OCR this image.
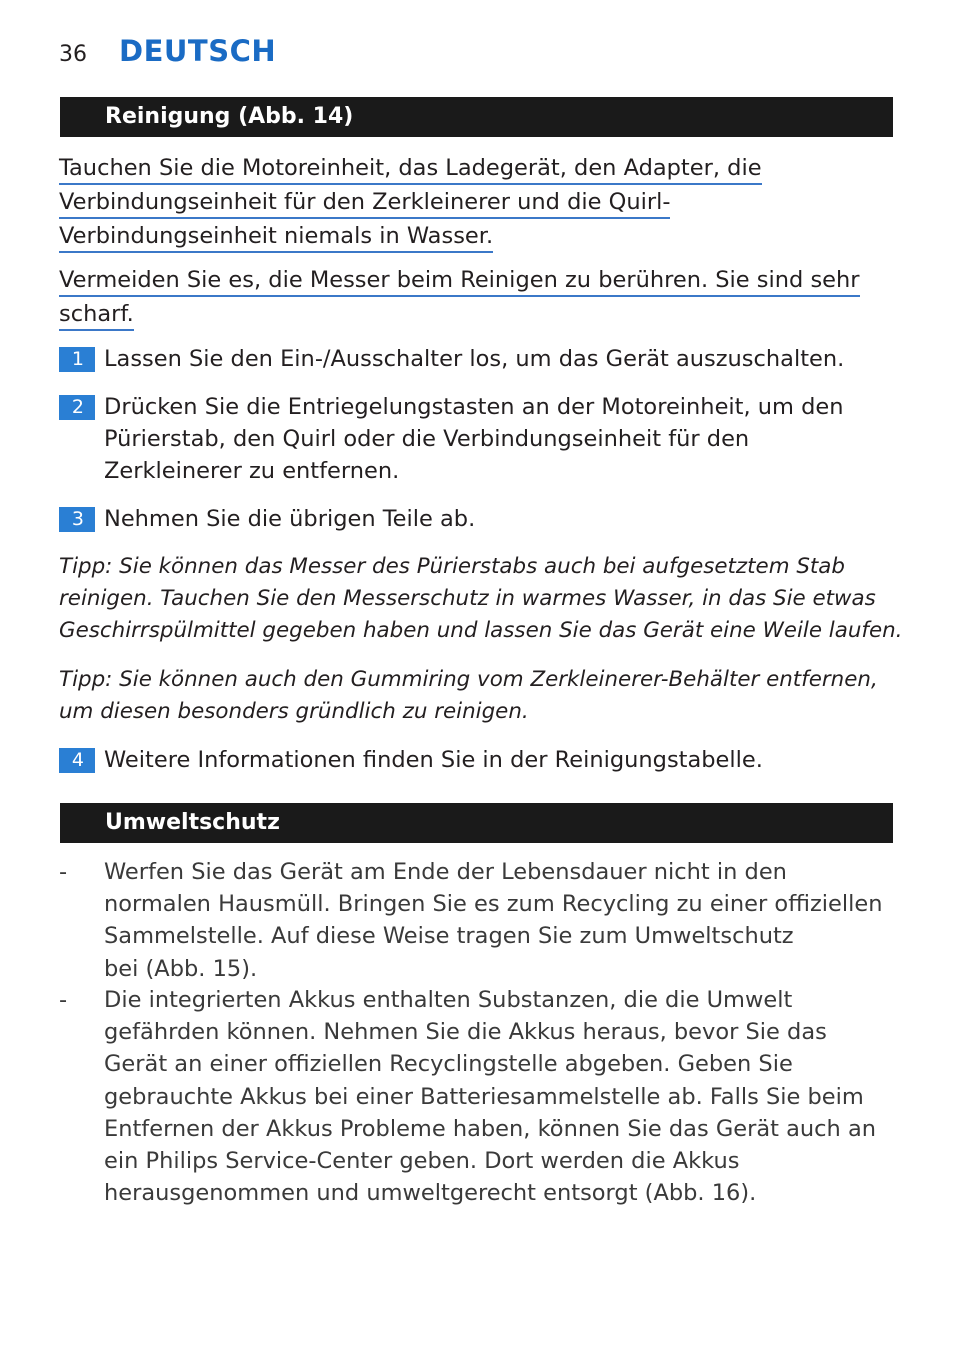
36 DEUTSCH
Reinigung (Abb. 14)
Tauchen Sie die Motoreinheit, das Ladegerät, den Adapter, die
Verbindungseinheit für den Zerkleinerer und die Quirl-
Verbindungseinheit niemals in Wasser.
Vermeiden Sie es, die Messer beim Reinigen zu berühren. Sie sind sehr
scharf.
1 Lassen Sie den Ein-/Ausschalter los, um das Gerät auszuschalten.
2 Drücken Sie die Entriegelungstasten an der Motoreinheit, um den
Pürierstab, den Quirl oder die Verbindungseinheit für den
Zerkleinerer zu entfernen.
3 Nehmen Sie die übrigen Teile ab.
Tipp: Sie können das Messer des Pürierstabs auch bei aufgesetztem Stab
reinigen. Tauchen Sie den Messerschutz in warmes Wasser, in das Sie etwas
Geschirrspülmittel gegeben haben und lassen Sie das Gerät eine Weile laufen.
Tipp: Sie können auch den Gummiring vom Zerkleinerer-Behälter entfernen,
um diesen besonders gründlich zu reinigen.
4 Weitere Informationen finden Sie in der Reinigungstabelle.
Umweltschutz
- Werfen Sie das Gerät am Ende der Lebensdauer nicht in den
normalen Hausmüll. Bringen Sie es zum Recycling zu einer offiziellen
Sammelstelle. Auf diese Weise tragen Sie zum Umweltschutz
bei (Abb. 15).
- Die integrierten Akkus enthalten Substanzen, die die Umwelt
gefährden können. Nehmen Sie die Akkus heraus, bevor Sie das
Gerät an einer offiziellen Recyclingstelle abgeben. Geben Sie
gebrauchte Akkus bei einer Batteriesammelstelle ab. Falls Sie beim
Entfernen der Akkus Probleme haben, können Sie das Gerät auch an
ein Philips Service-Center geben. Dort werden die Akkus
herausgenommen und umweltgerecht entsorgt (Abb. 16).
